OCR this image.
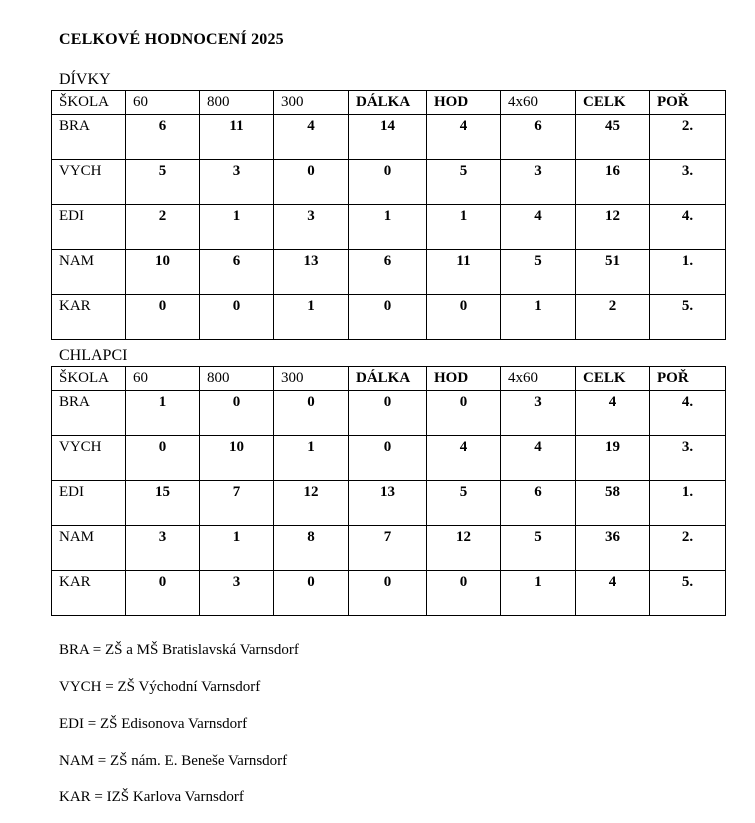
CELKOVÉ HODNOCENÍ 2025
DÍVKY
ŠKOLA	60	800	300	DÁLKA	HOD	4x60	CELK	POŘ
BRA	6	11	4	14	4	6	45	2.
VYCH	5	3	0	0	5	3	16	3.
EDI	2	1	3	1	1	4	12	4.
NAM	10	6	13	6	11	5	51	1.
KAR	0	0	1	0	0	1	2	5.
CHLAPCI
ŠKOLA	60	800	300	DÁLKA	HOD	4x60	CELK	POŘ
BRA	1	0	0	0	0	3	4	4.
VYCH	0	10	1	0	4	4	19	3.
EDI	15	7	12	13	5	6	58	1.
NAM	3	1	8	7	12	5	36	2.
KAR	0	3	0	0	0	1	4	5.
BRA = ZŠ a MŠ Bratislavská Varnsdorf
VYCH = ZŠ Východní Varnsdorf
EDI = ZŠ Edisonova Varnsdorf
NAM = ZŠ nám. E. Beneše Varnsdorf
KAR = IZŠ Karlova Varnsdorf
